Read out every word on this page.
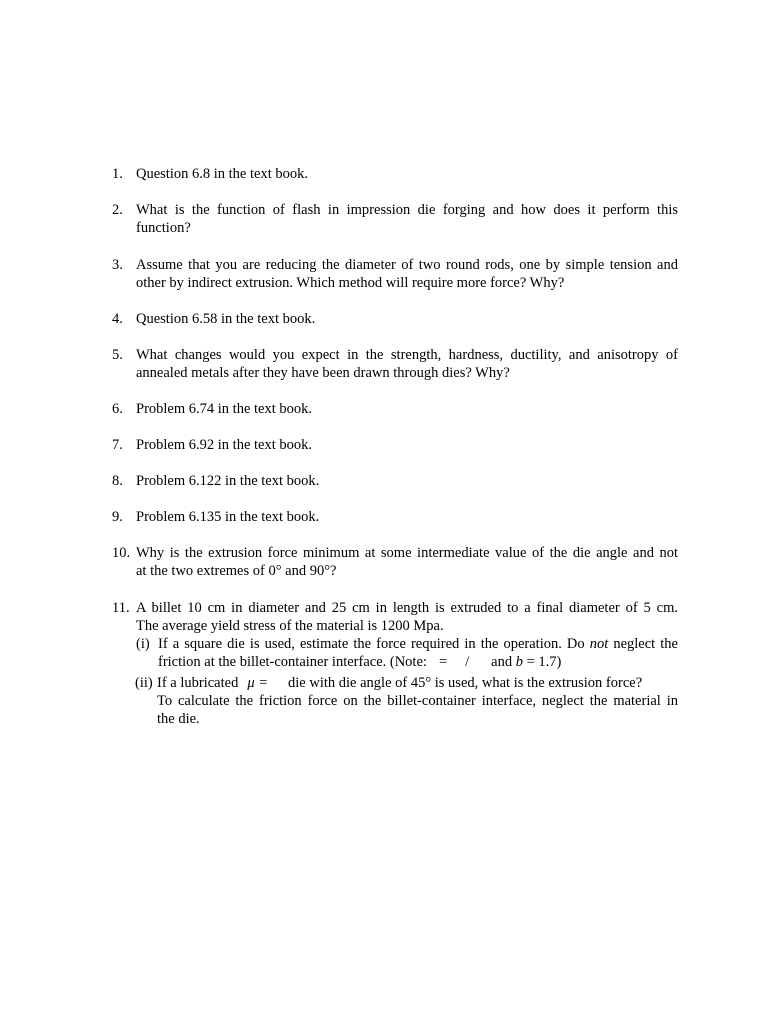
1. Question 6.8 in the text book.
2. What is the function of flash in impression die forging and how does it perform this
function?
3. Assume that you are reducing the diameter of two round rods, one by simple tension and
other by indirect extrusion. Which method will require more force? Why?
4. Question 6.58 in the text book.
5. What changes would you expect in the strength, hardness, ductility, and anisotropy of
annealed metals after they have been drawn through dies? Why?
6. Problem 6.74 in the text book.
7. Problem 6.92 in the text book.
8. Problem 6.122 in the text book.
9. Problem 6.135 in the text book.
10. Why is the extrusion force minimum at some intermediate value of the die angle and not
at the two extremes of 0° and 90°?
11. A billet 10 cm in diameter and 25 cm in length is extruded to a final diameter of 5 cm.
The average yield stress of the material is 1200 Mpa.
(i) If a square die is used, estimate the force required in the operation. Do not neglect the
friction at the billet-container interface. (Note: = / and b = 1.7)
(ii) If a lubricated μ = die with die angle of 45° is used, what is the extrusion force?
To calculate the friction force on the billet-container interface, neglect the material in
the die.
